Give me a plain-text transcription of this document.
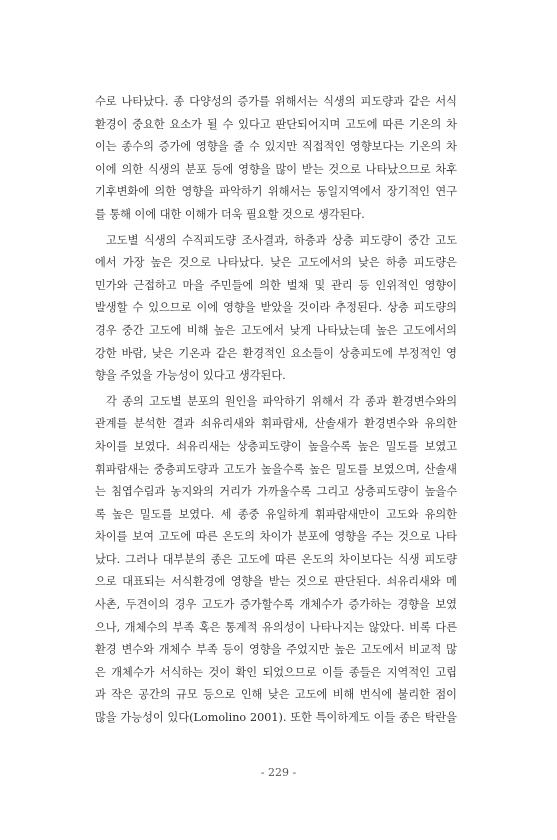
수로 나타났다. 종 다양성의 증가를 위해서는 식생의 피도량과 같은 서식
환경이 중요한 요소가 될 수 있다고 판단되어지며 고도에 따른 기온의 차
이는 종수의 증가에 영향을 줄 수 있지만 직접적인 영향보다는 기온의 차
이에 의한 식생의 분포 등에 영향을 많이 받는 것으로 나타났으므로 차후
기후변화에 의한 영향을 파악하기 위해서는 동일지역에서 장기적인 연구
를 통해 이에 대한 이해가 더욱 필요할 것으로 생각된다.
고도별 식생의 수직피도량 조사결과, 하층과 상층 피도량이 중간 고도
에서 가장 높은 것으로 나타났다. 낮은 고도에서의 낮은 하층 피도량은
민가와 근접하고 마을 주민들에 의한 벌채 및 관리 등 인위적인 영향이
발생할 수 있으므로 이에 영향을 받았을 것이라 추정된다. 상층 피도량의
경우 중간 고도에 비해 높은 고도에서 낮게 나타났는데 높은 고도에서의
강한 바람, 낮은 기온과 같은 환경적인 요소들이 상층피도에 부정적인 영
향을 주었을 가능성이 있다고 생각된다.
각 종의 고도별 분포의 원인을 파악하기 위해서 각 종과 환경변수와의
관계를 분석한 결과 쇠유리새와 휘파람새, 산솔새가 환경변수와 유의한
차이를 보였다. 쇠유리새는 상층피도량이 높을수록 높은 밀도를 보였고
휘파람새는 중층피도량과 고도가 높을수록 높은 밀도를 보였으며, 산솔새
는 침엽수림과 농지와의 거리가 가까울수록 그리고 상층피도량이 높을수
록 높은 밀도를 보였다. 세 종중 유일하게 휘파람새만이 고도와 유의한
차이를 보여 고도에 따른 온도의 차이가 분포에 영향을 주는 것으로 나타
났다. 그러나 대부분의 종은 고도에 따른 온도의 차이보다는 식생 피도량
으로 대표되는 서식환경에 영향을 받는 것으로 판단된다. 쇠유리새와 메
사촌, 두견이의 경우 고도가 증가할수록 개체수가 증가하는 경향을 보였
으나, 개체수의 부족 혹은 통계적 유의성이 나타나지는 않았다. 비록 다른
환경 변수와 개체수 부족 등이 영향을 주었지만 높은 고도에서 비교적 많
은 개체수가 서식하는 것이 확인 되었으므로 이들 종들은 지역적인 고립
과 작은 공간의 규모 등으로 인해 낮은 고도에 비해 번식에 불리한 점이
많을 가능성이 있다(Lomolino 2001). 또한 특이하게도 이들 종은 탁란을
- 229 -
